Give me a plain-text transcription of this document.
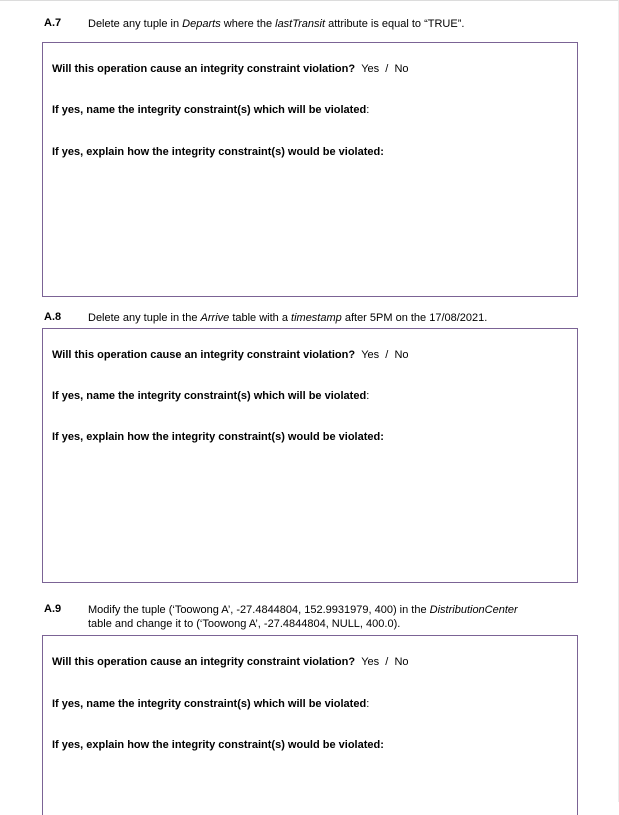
A.7 Delete any tuple in Departs where the lastTransit attribute is equal to “TRUE”.
Will this operation cause an integrity constraint violation? Yes / No
If yes, name the integrity constraint(s) which will be violated:
If yes, explain how the integrity constraint(s) would be violated:
A.8 Delete any tuple in the Arrive table with a timestamp after 5PM on the 17/08/2021.
Will this operation cause an integrity constraint violation? Yes / No
If yes, name the integrity constraint(s) which will be violated:
If yes, explain how the integrity constraint(s) would be violated:
A.9 Modify the tuple (‘Toowong A’, -27.4844804, 152.9931979, 400) in the DistributionCenter
table and change it to (‘Toowong A’, -27.4844804, NULL, 400.0).
Will this operation cause an integrity constraint violation? Yes / No
If yes, name the integrity constraint(s) which will be violated:
If yes, explain how the integrity constraint(s) would be violated:
